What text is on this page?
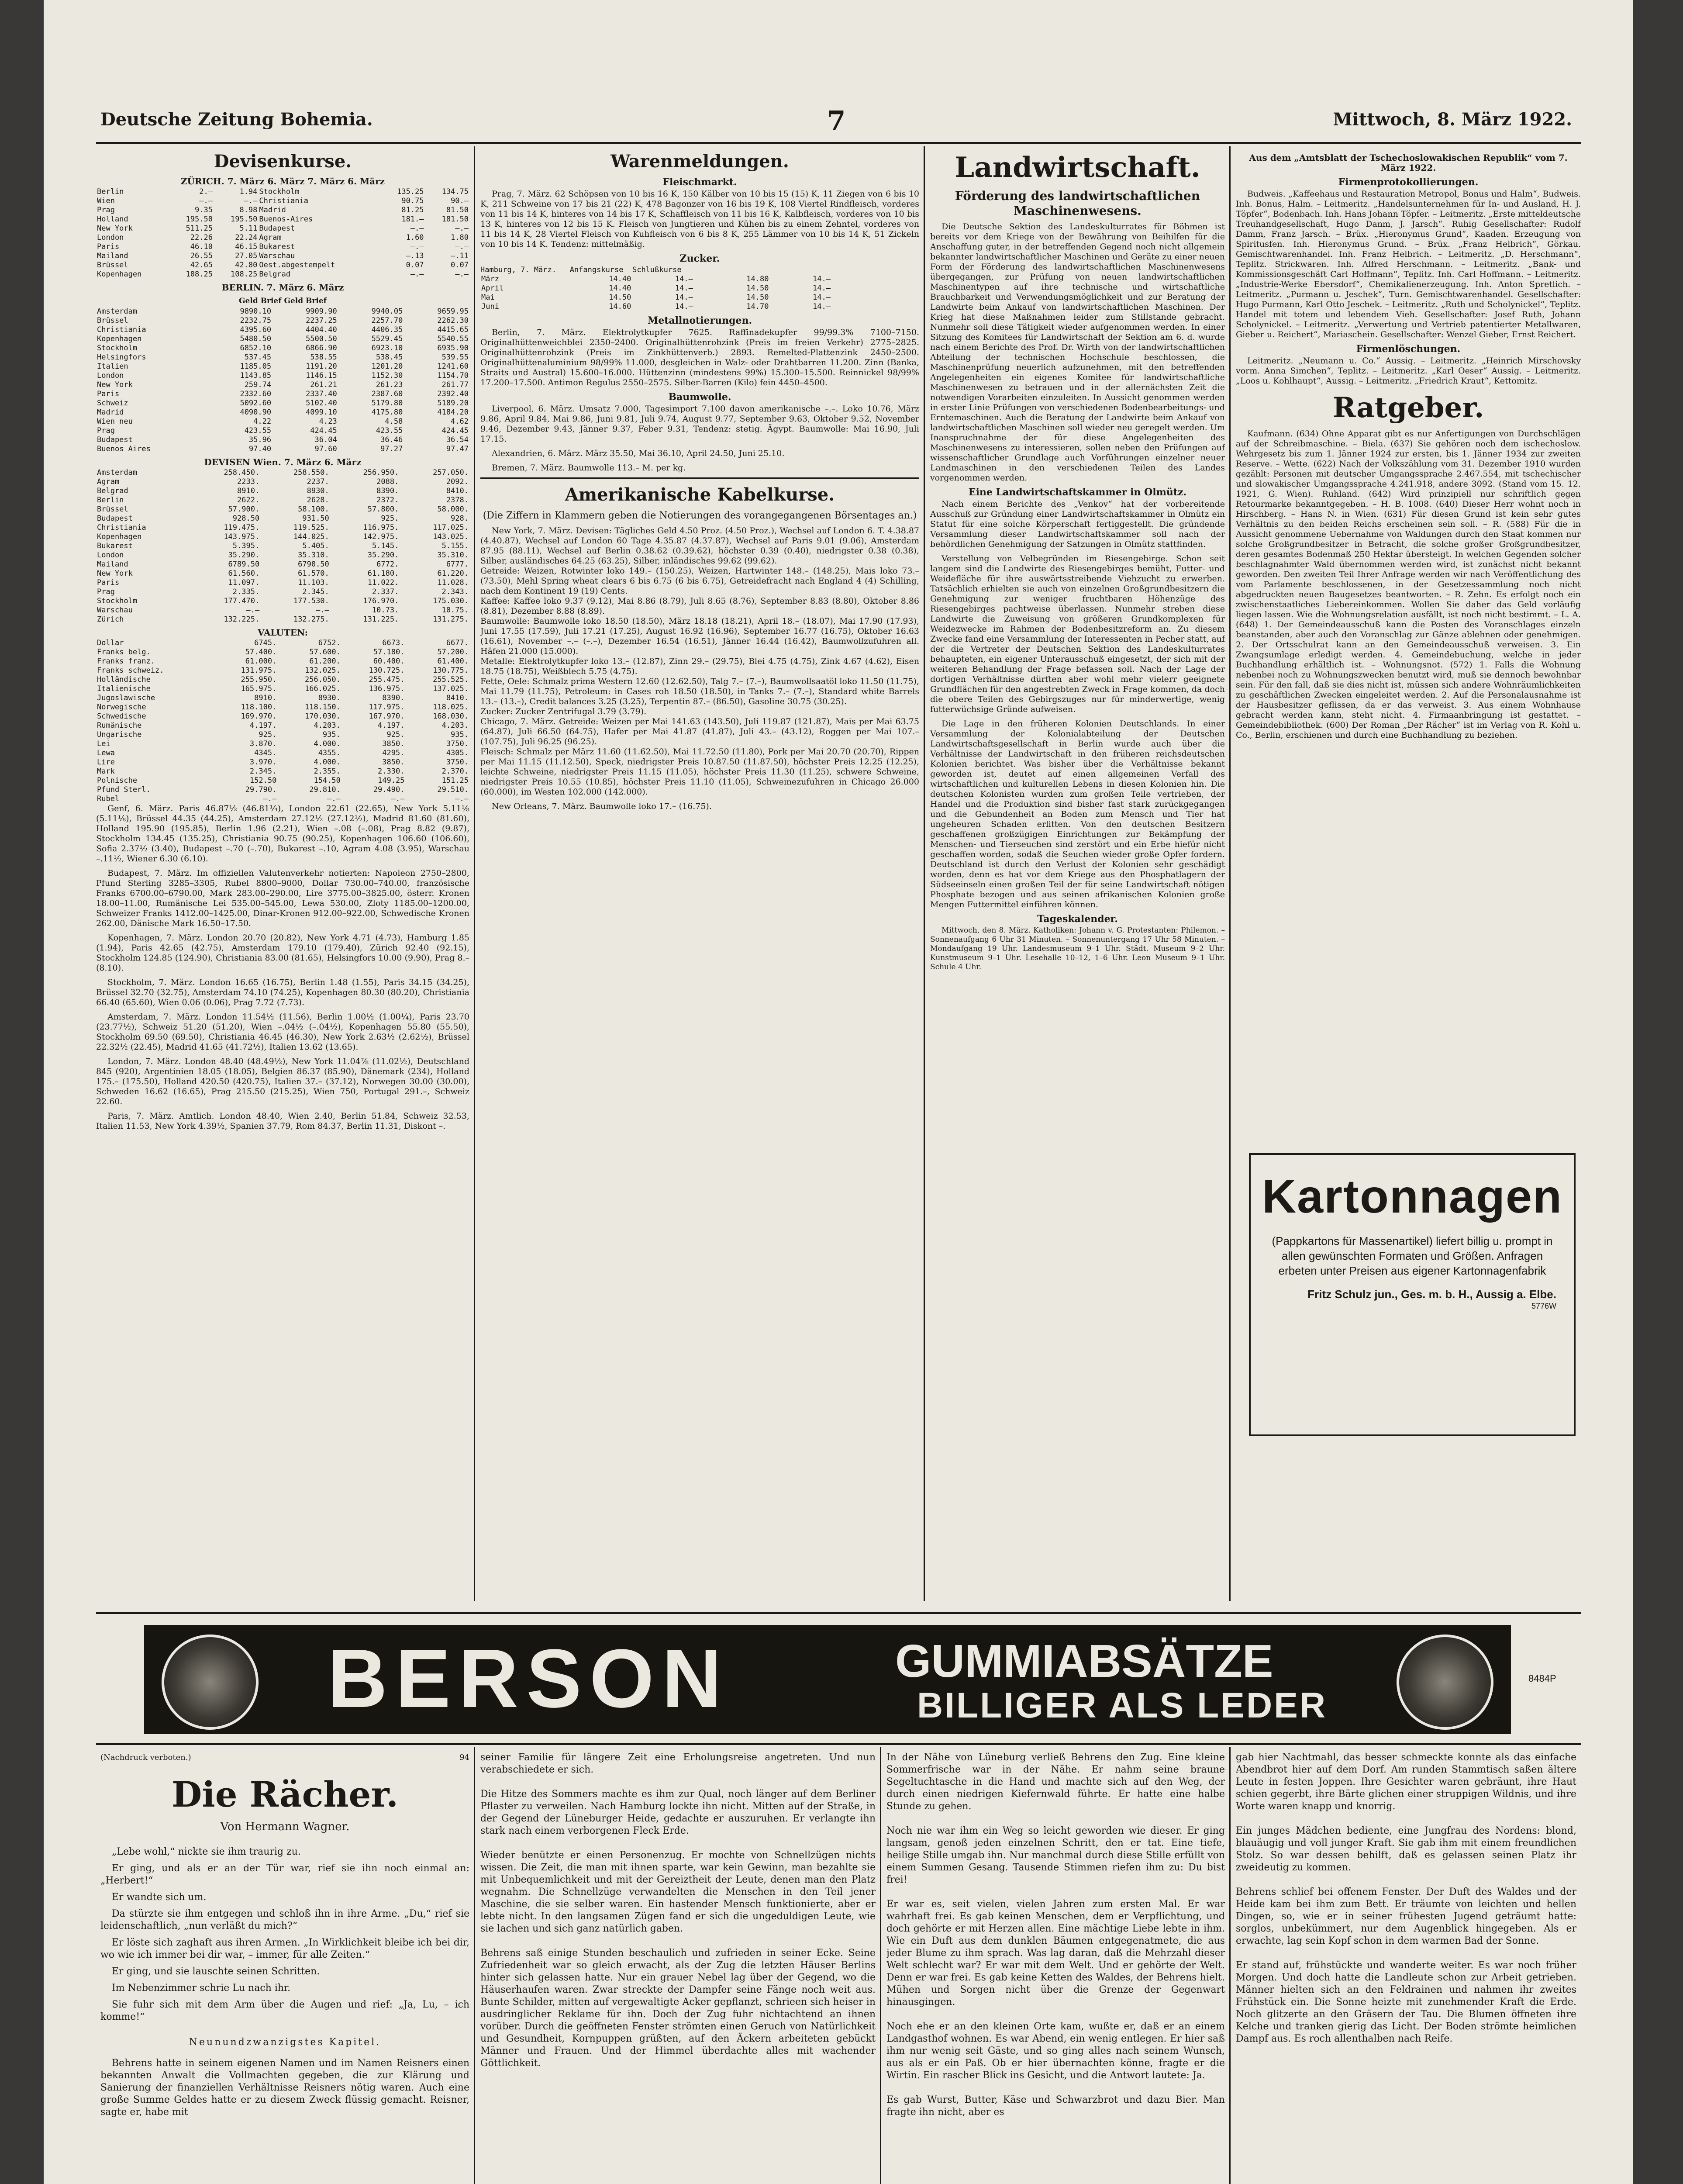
Deutsche Zeitung Bohemia.	7	Mittwoch, 8. März 1922.
Devisenkurse.
ZÜRICH. 7. März 6. März 7. März 6. März
Berlin	2.–	1.94	Stockholm	135.25	134.75
Wien	–.–	–.–	Christiania	90.75	90.–
Prag	9.35	8.98	Madrid	81.25	81.50
Holland	195.50	195.50	Buenos-Aires	181.–	181.50
New York	511.25	5.11	Budapest	–.–	–.–
London	22.26	22.24	Agram	1.60	1.80
Paris	46.10	46.15	Bukarest	–.–	–.–
Mailand	26.55	27.05	Warschau	–.13	–.11
Brüssel	42.65	42.80	Oest.abgestempelt	0.07	0.07
Kopenhagen	108.25	108.25	Belgrad	–.–	–.–
BERLIN. 7. März 6. März
Geld Brief Geld Brief
Amsterdam	9890.10	9909.90	9940.05	9659.95
Brüssel	2232.75	2237.25	2257.70	2262.30
Christiania	4395.60	4404.40	4406.35	4415.65
Kopenhagen	5480.50	5500.50	5529.45	5540.55
Stockholm	6852.10	6866.90	6923.10	6935.90
Helsingfors	537.45	538.55	538.45	539.55
Italien	1185.05	1191.20	1201.20	1241.60
London	1143.85	1146.15	1152.30	1154.70
New York	259.74	261.21	261.23	261.77
Paris	2332.60	2337.40	2387.60	2392.40
Schweiz	5092.60	5102.40	5179.80	5189.20
Madrid	4090.90	4099.10	4175.80	4184.20
Wien neu	4.22	4.23	4.58	4.62
Prag	423.55	424.45	423.55	424.45
Budapest	35.96	36.04	36.46	36.54
Buenos Aires	97.40	97.60	97.27	97.47
DEVISEN Wien. 7. März 6. März
Amsterdam	258.450.	258.550.	256.950.	257.050.
Agram	2233.	2237.	2088.	2092.
Belgrad	8910.	8930.	8390.	8410.
Berlin	2622.	2628.	2372.	2378.
Brüssel	57.900.	58.100.	57.800.	58.000.
Budapest	928.50	931.50	925.	928.
Christiania	119.475.	119.525.	116.975.	117.025.
Kopenhagen	143.975.	144.025.	142.975.	143.025.
Bukarest	5.395.	5.405.	5.145.	5.155.
London	35.290.	35.310.	35.290.	35.310.
Mailand	6789.50	6790.50	6772.	6777.
New York	61.560.	61.570.	61.180.	61.220.
Paris	11.097.	11.103.	11.022.	11.028.
Prag	2.335.	2.345.	2.337.	2.343.
Stockholm	177.470.	177.530.	176.970.	175.030.
Warschau	–.–	–.–	10.73.	10.75.
Zürich	132.225.	132.275.	131.225.	131.275.
VALUTEN:
Dollar	6745.	6752.	6673.	6677.
Franks belg.	57.400.	57.600.	57.180.	57.200.
Franks franz.	61.000.	61.200.	60.400.	61.400.
Franks schweiz.	131.975.	132.025.	130.725.	130.775.
Holländische	255.950.	256.050.	255.475.	255.525.
Italienische	165.975.	166.025.	136.975.	137.025.
Jugoslawische	8910.	8930.	8390.	8410.
Norwegische	118.100.	118.150.	117.975.	118.025.
Schwedische	169.970.	170.030.	167.970.	168.030.
Rumänische	4.197.	4.203.	4.197.	4.203.
Ungarische	925.	935.	925.	935.
Lei	3.870.	4.000.	3850.	3750.
Lewa	4345.	4355.	4295.	4305.
Lire	3.970.	4.000.	3850.	3750.
Mark	2.345.	2.355.	2.330.	2.370.
Polnische	152.50	154.50	149.25	151.25
Pfund Sterl.	29.790.	29.810.	29.490.	29.510.
Rubel	–.–	–.–	–.–	–.–

Genf, 6. März. Paris 46.87½ (46.81¼), London 22.61 (22.65), New York 5.11⅛ (5.11⅛), Brüssel 44.35 (44.25), Amsterdam 27.12½ (27.12½), Madrid 81.60 (81.60), Holland 195.90 (195.85), Berlin 1.96 (2.21), Wien –.08 (–.08), Prag 8.82 (9.87), Stockholm 134.45 (135.25), Christiania 90.75 (90.25), Kopenhagen 106.60 (106.60), Sofia 2.37½ (3.40), Budapest –.70 (–.70), Bukarest –.10, Agram 4.08 (3.95), Warschau –.11½, Wiener 6.30 (6.10).

Budapest, 7. März. Im offiziellen Valutenverkehr notierten: Napoleon 2750–2800, Pfund Sterling 3285–3305, Rubel 8800–9000, Dollar 730.00–740.00, französische Franks 6700.00–6790.00, Mark 283.00–290.00, Lire 3775.00–3825.00, österr. Kronen 18.00–11.00, Rumänische Lei 535.00–545.00, Lewa 530.00, Zloty 1185.00–1200.00, Schweizer Franks 1412.00–1425.00, Dinar-Kronen 912.00–922.00, Schwedische Kronen 262.00, Dänische Mark 16.50–17.50.

Kopenhagen, 7. März. London 20.70 (20.82), New York 4.71 (4.73), Hamburg 1.85 (1.94), Paris 42.65 (42.75), Amsterdam 179.10 (179.40), Zürich 92.40 (92.15), Stockholm 124.85 (124.90), Christiania 83.00 (81.65), Helsingfors 10.00 (9.90), Prag 8.– (8.10).

Stockholm, 7. März. London 16.65 (16.75), Berlin 1.48 (1.55), Paris 34.15 (34.25), Brüssel 32.70 (32.75), Amsterdam 74.10 (74.25), Kopenhagen 80.30 (80.20), Christiania 66.40 (65.60), Wien 0.06 (0.06), Prag 7.72 (7.73).

Amsterdam, 7. März. London 11.54½ (11.56), Berlin 1.00½ (1.00¼), Paris 23.70 (23.77½), Schweiz 51.20 (51.20), Wien –.04½ (–.04½), Kopenhagen 55.80 (55.50), Stockholm 69.50 (69.50), Christiania 46.45 (46.30), New York 2.63½ (2.62½), Brüssel 22.32½ (22.45), Madrid 41.65 (41.72½), Italien 13.62 (13.65).

London, 7. März. London 48.40 (48.49½), New York 11.04⅞ (11.02½), Deutschland 845 (920), Argentinien 18.05 (18.05), Belgien 86.37 (85.90), Dänemark (234), Holland 175.– (175.50), Holland 420.50 (420.75), Italien 37.– (37.12), Norwegen 30.00 (30.00), Schweden 16.62 (16.65), Prag 215.50 (215.25), Wien 750, Portugal 291.–, Schweiz 22.60.

Paris, 7. März. Amtlich. London 48.40, Wien 2.40, Berlin 51.84, Schweiz 32.53, Italien 11.53, New York 4.39½, Spanien 37.79, Rom 84.37, Berlin 11.31, Diskont –.

Warenmeldungen.
Fleischmarkt.

Prag, 7. März. 62 Schöpsen von 10 bis 16 K, 150 Kälber von 10 bis 15 (15) K, 11 Ziegen von 6 bis 10 K, 211 Schweine von 17 bis 21 (22) K, 478 Bagonzer von 16 bis 19 K, 108 Viertel Rindfleisch, vorderes von 11 bis 14 K, hinteres von 14 bis 17 K, Schaffleisch von 11 bis 16 K, Kalbfleisch, vorderes von 10 bis 13 K, hinteres von 12 bis 15 K. Fleisch von Jungtieren und Kühen bis zu einem Zehntel, vorderes von 11 bis 14 K, 28 Viertel Fleisch von Kuhfleisch von 6 bis 8 K, 255 Lämmer von 10 bis 14 K, 51 Zickeln von 10 bis 14 K. Tendenz: mittelmäßig.

Zucker.
Hamburg, 7. März.   Anfangskurse  Schlußkurse
März	14.40	14.–	14.80	14.–
April	14.40	14.–	14.50	14.–
Mai	14.50	14.–	14.50	14.–
Juni	14.60	14.–	14.70	14.–
Metallnotierungen.

Berlin, 7. März. Elektrolytkupfer 7625. Raffinadekupfer 99/99.3% 7100–7150. Originalhüttenweichblei 2350–2400. Originalhüttenrohzink (Preis im freien Verkehr) 2775–2825. Originalhüttenrohzink (Preis im Zinkhüttenverb.) 2893. Remelted-Plattenzink 2450–2500. Originalhüttenaluminium 98/99% 11.000, desgleichen in Walz- oder Drahtbarren 11.200. Zinn (Banka, Straits und Austral) 15.600–16.000. Hüttenzinn (mindestens 99%) 15.300–15.500. Reinnickel 98/99% 17.200–17.500. Antimon Regulus 2550–2575. Silber-Barren (Kilo) fein 4450–4500.

Baumwolle.

Liverpool, 6. März. Umsatz 7.000, Tagesimport 7.100 davon amerikanische –.–. Loko 10.76, März 9.86, April 9.84, Mai 9.86, Juni 9.81, Juli 9.74, August 9.77, September 9.63, Oktober 9.52, November 9.46, Dezember 9.43, Jänner 9.37, Feber 9.31, Tendenz: stetig. Ägypt. Baumwolle: Mai 16.90, Juli 17.15.

Alexandrien, 6. März. März 35.50, Mai 36.10, April 24.50, Juni 25.10.

Bremen, 7. März. Baumwolle 113.– M. per kg.

Amerikanische Kabelkurse.

(Die Ziffern in Klammern geben die Notierungen des vorangegangenen Börsentages an.)

New York, 7. März. Devisen: Tägliches Geld 4.50 Proz. (4.50 Proz.), Wechsel auf London 6. T. 4.38.87 (4.40.87), Wechsel auf London 60 Tage 4.35.87 (4.37.87), Wechsel auf Paris 9.01 (9.06), Amsterdam 87.95 (88.11), Wechsel auf Berlin 0.38.62 (0.39.62), höchster 0.39 (0.40), niedrigster 0.38 (0.38), Silber, ausländisches 64.25 (63.25), Silber, inländisches 99.62 (99.62).
Getreide: Weizen, Rotwinter loko 149.– (150.25), Weizen, Hartwinter 148.– (148.25), Mais loko 73.– (73.50), Mehl Spring wheat clears 6 bis 6.75 (6 bis 6.75), Getreidefracht nach England 4 (4) Schilling, nach dem Kontinent 19 (19) Cents.
Kaffee: Kaffee loko 9.37 (9.12), Mai 8.86 (8.79), Juli 8.65 (8.76), September 8.83 (8.80), Oktober 8.86 (8.81), Dezember 8.88 (8.89).
Baumwolle: Baumwolle loko 18.50 (18.50), März 18.18 (18.21), April 18.– (18.07), Mai 17.90 (17.93), Juni 17.55 (17.59), Juli 17.21 (17.25), August 16.92 (16.96), September 16.77 (16.75), Oktober 16.63 (16.61), November –.– (–.–), Dezember 16.54 (16.51), Jänner 16.44 (16.42), Baumwollzufuhren all. Häfen 21.000 (15.000).
Metalle: Elektrolytkupfer loko 13.– (12.87), Zinn 29.– (29.75), Blei 4.75 (4.75), Zink 4.67 (4.62), Eisen 18.75 (18.75), Weißblech 5.75 (4.75).
Fette, Oele: Schmalz prima Western 12.60 (12.62.50), Talg 7.– (7.–), Baumwollsaatöl loko 11.50 (11.75), Mai 11.79 (11.75), Petroleum: in Cases roh 18.50 (18.50), in Tanks 7.– (7.–), Standard white Barrels 13.– (13.–), Credit balances 3.25 (3.25), Terpentin 87.– (86.50), Gasoline 30.75 (30.25).
Zucker: Zucker Zentrifugal 3.79 (3.79).
Chicago, 7. März. Getreide: Weizen per Mai 141.63 (143.50), Juli 119.87 (121.87), Mais per Mai 63.75 (64.87), Juli 66.50 (64.75), Hafer per Mai 41.87 (41.87), Juli 43.– (43.12), Roggen per Mai 107.– (107.75), Juli 96.25 (96.25).
Fleisch: Schmalz per März 11.60 (11.62.50), Mai 11.72.50 (11.80), Pork per Mai 20.70 (20.70), Rippen per Mai 11.15 (11.12.50), Speck, niedrigster Preis 10.87.50 (11.87.50), höchster Preis 12.25 (12.25), leichte Schweine, niedrigster Preis 11.15 (11.05), höchster Preis 11.30 (11.25), schwere Schweine, niedrigster Preis 10.55 (10.85), höchster Preis 11.10 (11.05), Schweinezufuhren in Chicago 26.000 (60.000), im Westen 102.000 (142.000).

New Orleans, 7. März. Baumwolle loko 17.– (16.75).

Landwirtschaft.
Förderung des landwirtschaftlichen Maschinenwesens.

Die Deutsche Sektion des Landeskulturrates für Böhmen ist bereits vor dem Kriege von der Bewährung von Beihilfen für die Anschaffung guter, in der betreffenden Gegend noch nicht allgemein bekannter landwirtschaftlicher Maschinen und Geräte zu einer neuen Form der Förderung des landwirtschaftlichen Maschinenwesens übergegangen, zur Prüfung von neuen landwirtschaftlichen Maschinentypen auf ihre technische und wirtschaftliche Brauchbarkeit und Verwendungsmöglichkeit und zur Beratung der Landwirte beim Ankauf von landwirtschaftlichen Maschinen. Der Krieg hat diese Maßnahmen leider zum Stillstande gebracht. Nunmehr soll diese Tätigkeit wieder aufgenommen werden. In einer Sitzung des Komitees für Landwirtschaft der Sektion am 6. d. wurde nach einem Berichte des Prof. Dr. Wirth von der landwirtschaftlichen Abteilung der technischen Hochschule beschlossen, die Maschinenprüfung neuerlich aufzunehmen, mit den betreffenden Angelegenheiten ein eigenes Komitee für landwirtschaftliche Maschinenwesen zu betrauen und in der allernächsten Zeit die notwendigen Vorarbeiten einzuleiten. In Aussicht genommen werden in erster Linie Prüfungen von verschiedenen Bodenbearbeitungs- und Erntemaschinen. Auch die Beratung der Landwirte beim Ankauf von landwirtschaftlichen Maschinen soll wieder neu geregelt werden. Um Inanspruchnahme der für diese Angelegenheiten des Maschinenwesens zu interessieren, sollen neben den Prüfungen auf wissenschaftlicher Grundlage auch Vorführungen einzelner neuer Landmaschinen in den verschiedenen Teilen des Landes vorgenommen werden.

Eine Landwirtschaftskammer in Olmütz.

Nach einem Berichte des „Venkov“ hat der vorbereitende Ausschuß zur Gründung einer Landwirtschaftskammer in Olmütz ein Statut für eine solche Körperschaft fertiggestellt. Die gründende Versammlung dieser Landwirtschaftskammer soll nach der behördlichen Genehmigung der Satzungen in Olmütz stattfinden.

Verstellung von Velbegründen im Riesengebirge. Schon seit langem sind die Landwirte des Riesengebirges bemüht, Futter- und Weidefläche für ihre auswärtsstreibende Viehzucht zu erwerben. Tatsächlich erhielten sie auch von einzelnen Großgrundbesitzern die Genehmigung zur weniger fruchtbaren Höhenzüge des Riesengebirges pachtweise überlassen. Nunmehr streben diese Landwirte die Zuweisung von größeren Grundkomplexen für Weidezwecke im Rahmen der Bodenbesitzreform an. Zu diesem Zwecke fand eine Versammlung der Interessenten in Pecher statt, auf der die Vertreter der Deutschen Sektion des Landeskulturrates behaupteten, ein eigener Unterausschuß eingesetzt, der sich mit der weiteren Behandlung der Frage befassen soll. Nach der Lage der dortigen Verhältnisse dürften aber wohl mehr vielerr geeignete Grundflächen für den angestrebten Zweck in Frage kommen, da doch die obere Teilen des Gebirgszuges nur für minderwertige, wenig futterwüchsige Gründe aufweisen.

Die Lage in den früheren Kolonien Deutschlands. In einer Versammlung der Kolonialabteilung der Deutschen Landwirtschaftsgesellschaft in Berlin wurde auch über die Verhältnisse der Landwirtschaft in den früheren reichsdeutschen Kolonien berichtet. Was bisher über die Verhältnisse bekannt geworden ist, deutet auf einen allgemeinen Verfall des wirtschaftlichen und kulturellen Lebens in diesen Kolonien hin. Die deutschen Kolonisten wurden zum großen Teile vertrieben, der Handel und die Produktion sind bisher fast stark zurückgegangen und die Gebundenheit an Boden zum Mensch und Tier hat ungeheuren Schaden erlitten. Von den deutschen Besitzern geschaffenen großzügigen Einrichtungen zur Bekämpfung der Menschen- und Tierseuchen sind zerstört und ein Erbe hiefür nicht geschaffen worden, sodaß die Seuchen wieder große Opfer fordern. Deutschland ist durch den Verlust der Kolonien sehr geschädigt worden, denn es hat vor dem Kriege aus den Phosphatlagern der Südseeinseln einen großen Teil der für seine Landwirtschaft nötigen Phosphate bezogen und aus seinen afrikanischen Kolonien große Mengen Futtermittel einführen können.

Tageskalender.

Mittwoch, den 8. März. Katholiken: Johann v. G. Protestanten: Philemon. – Sonnenaufgang 6 Uhr 31 Minuten. – Sonnenuntergang 17 Uhr 58 Minuten. – Mondaufgang 19 Uhr. Landesmuseum 9–1 Uhr. Städt. Museum 9–2 Uhr. Kunstmuseum 9–1 Uhr. Lesehalle 10–12, 1–6 Uhr. Leon Museum 9–1 Uhr. Schule 4 Uhr.

Aus dem „Amtsblatt der Tschechoslowakischen Republik“ vom 7. März 1922.
Firmenprotokollierungen.

Budweis. „Kaffeehaus und Restauration Metropol, Bonus und Halm“, Budweis. Inh. Bonus, Halm. – Leitmeritz. „Handelsunternehmen für In- und Ausland, H. J. Töpfer“, Bodenbach. Inh. Hans Johann Töpfer. – Leitmeritz. „Erste mitteldeutsche Treuhandgesellschaft, Hugo Danm, J. Jarsch“. Ruhig Gesellschafter: Rudolf Damm, Franz Jarsch. – Brüx. „Hieronymus Grund“, Kaaden. Erzeugung von Spiritusfen. Inh. Hieronymus Grund. – Brüx. „Franz Helbrich“, Görkau. Gemischtwarenhandel. Inh. Franz Helbrich. – Leitmeritz. „D. Herschmann“, Teplitz. Strickwaren. Inh. Alfred Herschmann. – Leitmeritz. „Bank- und Kommissionsgeschäft Carl Hoffmann“, Teplitz. Inh. Carl Hoffmann. – Leitmeritz. „Industrie-Werke Ebersdorf“, Chemikalienerzeugung. Inh. Anton Spretlich. – Leitmeritz. „Purmann u. Jeschek“, Turn. Gemischtwarenhandel. Gesellschafter: Hugo Purmann, Karl Otto Jeschek. – Leitmeritz. „Ruth und Scholynickel“, Teplitz. Handel mit totem und lebendem Vieh. Gesellschafter: Josef Ruth, Johann Scholynickel. – Leitmeritz. „Verwertung und Vertrieb patentierter Metallwaren, Gieber u. Reichert“, Mariaschein. Gesellschafter: Wenzel Gieber, Ernst Reichert.

Firmenlöschungen.

Leitmeritz. „Neumann u. Co.“ Aussig. – Leitmeritz. „Heinrich Mirschovsky vorm. Anna Simchen“, Teplitz. – Leitmeritz. „Karl Oeser“ Aussig. – Leitmeritz. „Loos u. Kohlhaupt“, Aussig. – Leitmeritz. „Friedrich Kraut“, Kettomitz.

Ratgeber.

Kaufmann. (634) Ohne Apparat gibt es nur Anfertigungen von Durchschlägen auf der Schreibmaschine. – Biela. (637) Sie gehören noch dem ischechoslow. Wehrgesetz bis zum 1. Jänner 1924 zur ersten, bis 1. Jänner 1934 zur zweiten Reserve. – Wette. (622) Nach der Volkszählung vom 31. Dezember 1910 wurden gezählt: Personen mit deutscher Umgangssprache 2.467.554, mit tschechischer und slowakischer Umgangssprache 4.241.918, andere 3092. (Stand vom 15. 12. 1921, G. Wien). Ruhland. (642) Wird prinzipiell nur schriftlich gegen Retourmarke bekanntgegeben. – H. B. 1008. (640) Dieser Herr wohnt noch in Hirschberg. – Hans N. in Wien. (631) Für diesen Grund ist kein sehr gutes Verhältnis zu den beiden Reichs erscheinen sein soll. – R. (588) Für die in Aussicht genommene Uebernahme von Waldungen durch den Staat kommen nur solche Großgrundbesitzer in Betracht, die solche großer Großgrundbesitzer, deren gesamtes Bodenmaß 250 Hektar übersteigt. In welchen Gegenden solcher beschlagnahmter Wald übernommen werden wird, ist zunächst nicht bekannt geworden. Den zweiten Teil Ihrer Anfrage werden wir nach Veröffentlichung des vom Parlamente beschlossenen, in der Gesetzessammlung noch nicht abgedruckten neuen Baugesetzes beantworten. – R. Zehn. Es erfolgt noch ein zwischenstaatliches Liebereinkommen. Wollen Sie daher das Geld vorläufig liegen lassen. Wie die Wohnungsrelation ausfällt, ist noch nicht bestimmt. – L. A. (648) 1. Der Gemeindeausschuß kann die Posten des Voranschlages einzeln beanstanden, aber auch den Voranschlag zur Gänze ablehnen oder genehmigen. 2. Der Ortsschulrat kann an den Gemeindeausschuß verweisen. 3. Ein Zwangsumlage erledigt werden. 4. Gemeindebuchung, welche in jeder Buchhandlung erhältlich ist. – Wohnungsnot. (572) 1. Falls die Wohnung nebenbei noch zu Wohnungszwecken benutzt wird, muß sie dennoch bewohnbar sein. Für den fall, daß sie dies nicht ist, müssen sich andere Wohnräumlichkeiten zu geschäftlichen Zwecken eingeleitet werden. 2. Auf die Personalausnahme ist der Hausbesitzer geflissen, da er das verweist. 3. Aus einem Wohnhause gebracht werden kann, steht nicht. 4. Firmaanbringung ist gestattet. – Gemeindebibliothek. (600) Der Roman „Der Rächer“ ist im Verlag von R. Kohl u. Co., Berlin, erschienen und durch eine Buchhandlung zu beziehen.

Kartonnagen
(Pappkartons für Massenartikel) liefert billig u. prompt in allen gewünschten Formaten und Größen. Anfragen erbeten unter Preisen aus eigener Kartonnagenfabrik
Fritz Schulz jun., Ges. m. b. H., Aussig a. Elbe.
5776W
BERSON	GUMMIABSÄTZE
BILLIGER ALS LEDER
8484P
(Nachdruck verboten.)	94
Die Rächer.
Von Hermann Wagner.

„Lebe wohl,“ nickte sie ihm traurig zu.

Er ging, und als er an der Tür war, rief sie ihn noch einmal an: „Herbert!“

Er wandte sich um.

Da stürzte sie ihm entgegen und schloß ihn in ihre Arme. „Du,“ rief sie leidenschaftlich, „nun verläßt du mich?“

Er löste sich zaghaft aus ihren Armen. „In Wirklichkeit bleibe ich bei dir, wo wie ich immer bei dir war, – immer, für alle Zeiten.“

Er ging, und sie lauschte seinen Schritten.

Im Nebenzimmer schrie Lu nach ihr.

Sie fuhr sich mit dem Arm über die Augen und rief: „Ja, Lu, – ich komme!“

Neunundzwanzigstes Kapitel.

Behrens hatte in seinem eigenen Namen und im Namen Reisners einen bekannten Anwalt die Vollmachten gegeben, die zur Klärung und Sanierung der finanziellen Verhältnisse Reisners nötig waren. Auch eine große Summe Geldes hatte er zu diesem Zweck flüssig gemacht. Reisner, sagte er, habe mit

seiner Familie für längere Zeit eine Erholungsreise angetreten. Und nun verabschiedete er sich.

Die Hitze des Sommers machte es ihm zur Qual, noch länger auf dem Berliner Pflaster zu verweilen. Nach Hamburg lockte ihn nicht. Mitten auf der Straße, in der Gegend der Lüneburger Heide, gedachte er auszuruhen. Er verlangte ihn stark nach einem verborgenen Fleck Erde.

Wieder benützte er einen Personenzug. Er mochte von Schnellzügen nichts wissen. Die Zeit, die man mit ihnen sparte, war kein Gewinn, man bezahlte sie mit Unbequemlichkeit und mit der Gereiztheit der Leute, denen man den Platz wegnahm. Die Schnellzüge verwandelten die Menschen in den Teil jener Maschine, die sie selber waren. Ein hastender Mensch funktionierte, aber er lebte nicht. In den langsamen Zügen fand er sich die ungeduldigen Leute, wie sie lachen und sich ganz natürlich gaben.

Behrens saß einige Stunden beschaulich und zufrieden in seiner Ecke. Seine Zufriedenheit war so gleich erwacht, als der Zug die letzten Häuser Berlins hinter sich gelassen hatte. Nur ein grauer Nebel lag über der Gegend, wo die Häuserhaufen waren. Zwar streckte der Dampfer seine Fänge noch weit aus. Bunte Schilder, mitten auf vergewaltigte Acker gepflanzt, schrieen sich heiser in ausdringlicher Reklame für ihn. Doch der Zug fuhr nichtachtend an ihnen vorüber. Durch die geöffneten Fenster strömten einen Geruch von Natürlichkeit und Gesundheit, Kornpuppen grüßten, auf den Äckern arbeiteten gebückt Männer und Frauen. Und der Himmel überdachte alles mit wachender Göttlichkeit.
In der Nähe von Lüneburg verließ Behrens den Zug. Eine kleine Sommerfrische war in der Nähe. Er nahm seine braune Segeltuchtasche in die Hand und machte sich auf den Weg, der durch einen niedrigen Kiefernwald führte. Er hatte eine halbe Stunde zu gehen.

Noch nie war ihm ein Weg so leicht geworden wie dieser. Er ging langsam, genoß jeden einzelnen Schritt, den er tat. Eine tiefe, heilige Stille umgab ihn. Nur manchmal durch diese Stille erfüllt von einem Summen Gesang. Tausende Stimmen riefen ihm zu: Du bist frei!

Er war es, seit vielen, vielen Jahren zum ersten Mal. Er war wahrhaft frei. Es gab keinen Menschen, dem er Verpflichtung, und doch gehörte er mit Herzen allen. Eine mächtige Liebe lebte in ihm. Wie ein Duft aus dem dunklen Bäumen entgegenatmete, die aus jeder Blume zu ihm sprach. Was lag daran, daß die Mehrzahl dieser Welt schlecht war? Er war mit dem Welt. Und er gehörte der Welt. Denn er war frei. Es gab keine Ketten des Waldes, der Behrens hielt. Mühen und Sorgen nicht über die Grenze der Gegenwart hinausgingen.

Noch ehe er an den kleinen Orte kam, wußte er, daß er an einem Landgasthof wohnen. Es war Abend, ein wenig entlegen. Er hier saß ihm nur wenig seit Gäste, und so ging alles nach seinem Wunsch, aus als er ein Paß. Ob er hier übernachten könne, fragte er die Wirtin. Ein rascher Blick ins Gesicht, und die Antwort lautete: Ja.

Es gab Wurst, Butter, Käse und Schwarzbrot und dazu Bier. Man fragte ihn nicht, aber es
gab hier Nachtmahl, das besser schmeckte konnte als das einfache Abendbrot hier auf dem Dorf. Am runden Stammtisch saßen ältere Leute in festen Joppen. Ihre Gesichter waren gebräunt, ihre Haut schien gegerbt, ihre Bärte glichen einer struppigen Wildnis, und ihre Worte waren knapp und knorrig.

Ein junges Mädchen bediente, eine Jungfrau des Nordens: blond, blauäugig und voll junger Kraft. Sie gab ihm mit einem freundlichen Stolz. So war dessen behilft, daß es gelassen seinen Platz ihr zweideutig zu kommen.

Behrens schlief bei offenem Fenster. Der Duft des Waldes und der Heide kam bei ihm zum Bett. Er träumte von leichten und hellen Dingen, so, wie er in seiner frühesten Jugend geträumt hatte: sorglos, unbekümmert, nur dem Augenblick hingegeben. Als er erwachte, lag sein Kopf schon in dem warmen Bad der Sonne.

Er stand auf, frühstückte und wanderte weiter. Es war noch früher Morgen. Und doch hatte die Landleute schon zur Arbeit getrieben. Männer hielten sich an den Feldrainen und nahmen ihr zweites Frühstück ein. Die Sonne heizte mit zunehmender Kraft die Erde. Noch glitzerte an den Gräsern der Tau. Die Blumen öffneten ihre Kelche und tranken gierig das Licht. Der Boden strömte heimlichen Dampf aus. Es roch allenthalben nach Reife.
